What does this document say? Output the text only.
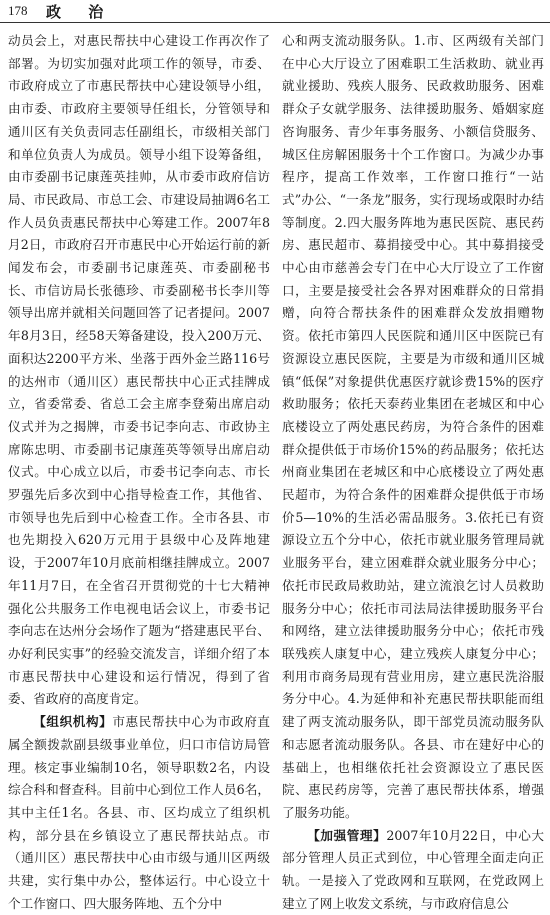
178 政 治

动员会上，对惠民帮扶中心建设工作再次作了部署。为切实加强对此项工作的领导，市委、市政府成立了市惠民帮扶中心建设领导小组，由市委、市政府主要领导任组长，分管领导和通川区有关负责同志任副组长，市级相关部门和单位负责人为成员。领导小组下设筹备组，由市委副书记康莲英挂帅，从市委市政府信访局、市民政局、市总工会、市建设局抽调6名工作人员负责惠民帮扶中心筹建工作。2007年8月2日，市政府召开市惠民中心开始运行前的新闻发布会，市委副书记康莲英、市委副秘书长、市信访局长张德珍、市委副秘书长李川等领导出席并就相关问题回答了记者提问。2007年8月3日，经58天筹备建设，投入200万元、面积达2200平方米、坐落于西外金兰路116号的达州市（通川区）惠民帮扶中心正式挂牌成立，省委常委、省总工会主席李登菊出席启动仪式并为之揭牌，市委书记李向志、市政协主席陈忠明、市委副书记康莲英等领导出席启动仪式。中心成立以后，市委书记李向志、市长罗强先后多次到中心指导检查工作，其他省、市领导也先后到中心检查工作。全市各县、市也先期投入620万元用于县级中心及阵地建设，于2007年10月底前相继挂牌成立。2007年11月7日，在全省召开贯彻党的十七大精神强化公共服务工作电视电话会议上，市委书记李向志在达州分会场作了题为“搭建惠民平台、办好利民实事”的经验交流发言，详细介绍了本市惠民帮扶中心建设和运行情况，得到了省委、省政府的高度肯定。

【组织机构】市惠民帮扶中心为市政府直属全额拨款副县级事业单位，归口市信访局管理。核定事业编制10名，领导职数2名，内设综合科和督查科。目前中心到位工作人员6名，其中主任1名。各县、市、区均成立了组织机构，部分县在乡镇设立了惠民帮扶站点。市（通川区）惠民帮扶中心由市级与通川区两级共建，实行集中办公，整体运行。中心设立十个工作窗口、四大服务阵地、五个分中

心和两支流动服务队。1.市、区两级有关部门在中心大厅设立了困难职工生活救助、就业再就业援助、残疾人服务、民政救助服务、困难群众子女就学服务、法律援助服务、婚姻家庭咨询服务、青少年事务服务、小额信贷服务、城区住房解困服务十个工作窗口。为减少办事程序，提高工作效率，工作窗口推行“一站式”办公、“一条龙”服务，实行现场或限时办结等制度。2.四大服务阵地为惠民医院、惠民药房、惠民超市、募捐接受中心。其中募捐接受中心由市慈善会专门在中心大厅设立了工作窗口，主要是接受社会各界对困难群众的日常捐赠，向符合帮扶条件的困难群众发放捐赠物资。依托市第四人民医院和通川区中医院已有资源设立惠民医院，主要是为市级和通川区城镇“低保”对象提供优惠医疗就诊费15%的医疗救助服务；依托天泰药业集团在老城区和中心底楼设立了两处惠民药房，为符合条件的困难群众提供低于市场价15%的药品服务；依托达州商业集团在老城区和中心底楼设立了两处惠民超市，为符合条件的困难群众提供低于市场价5—10%的生活必需品服务。3.依托已有资源设立五个分中心，依托市就业服务管理局就业服务平台，建立困难群众就业服务分中心；依托市民政局救助站，建立流浪乞讨人员救助服务分中心；依托市司法局法律援助服务平台和网络，建立法律援助服务分中心；依托市残联残疾人康复中心，建立残疾人康复分中心；利用市商务局现有营业用房，建立惠民洗浴服务分中心。4.为延伸和补充惠民帮扶职能而组建了两支流动服务队，即干部党员流动服务队和志愿者流动服务队。各县、市在建好中心的基础上，也相继依托社会资源设立了惠民医院、惠民药房等，完善了惠民帮扶体系，增强了服务功能。

【加强管理】2007年10月22日，中心大部分管理人员正式到位，中心管理全面走向正轨。一是接入了党政网和互联网，在党政网上建立了网上收发文系统，与市政府信息公
